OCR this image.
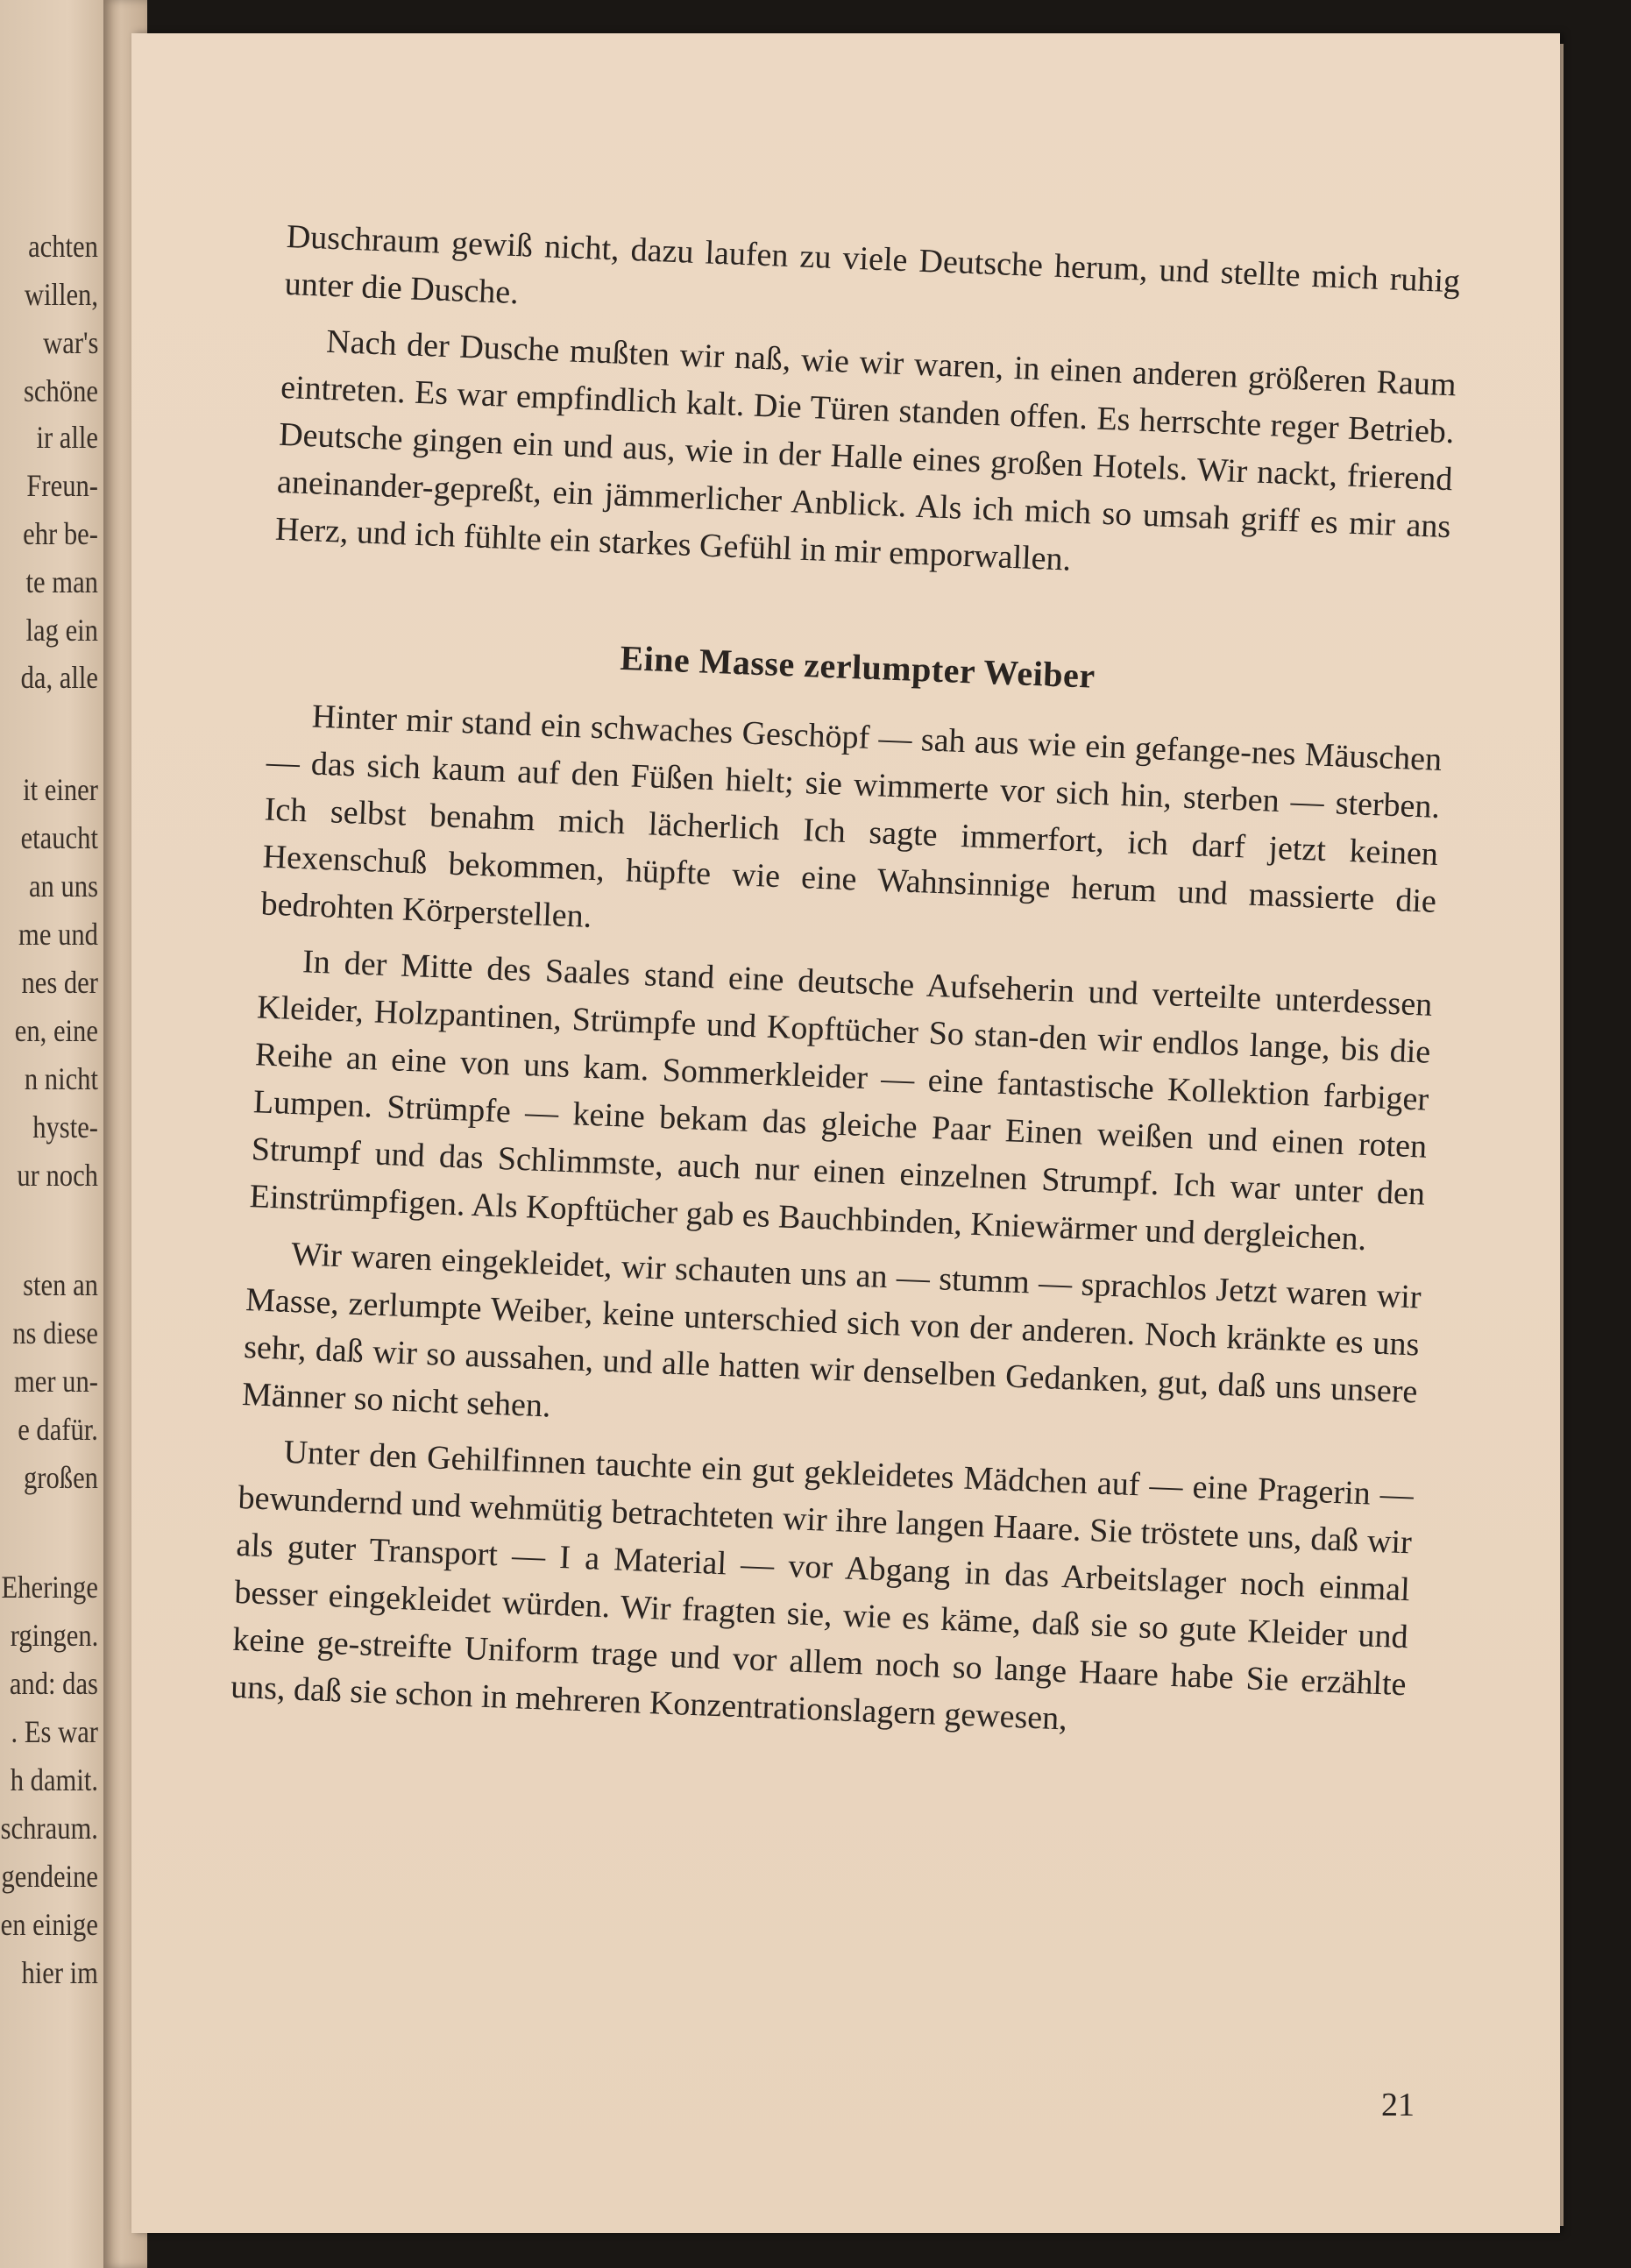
achten
willen,
war's
schöne
ir alle
Freun-
ehr be-
te man
lag ein
da, alle
it einer
etaucht
an uns
me und
nes der
en, eine
n nicht
hyste-
ur noch
sten an
ns diese
mer un-
e dafür.
großen
Eheringe
rgingen.
and: das
. Es war
h damit.
schraum.
gendeine
en einige
hier im

Duschraum gewiß nicht, dazu laufen zu viele Deutsche herum, und stellte mich ruhig unter die Dusche.

Nach der Dusche mußten wir naß, wie wir waren, in einen anderen größeren Raum eintreten. Es war empfindlich kalt. Die Türen standen offen. Es herrschte reger Betrieb. Deutsche gingen ein und aus, wie in der Halle eines großen Hotels. Wir nackt, frierend aneinander-gepreßt, ein jämmerlicher Anblick. Als ich mich so umsah griff es mir ans Herz, und ich fühlte ein starkes Gefühl in mir emporwallen.

Eine Masse zerlumpter Weiber

Hinter mir stand ein schwaches Geschöpf — sah aus wie ein gefange-nes Mäuschen — das sich kaum auf den Füßen hielt; sie wimmerte vor sich hin, sterben — sterben. Ich selbst benahm mich lächerlich Ich sagte immerfort, ich darf jetzt keinen Hexenschuß bekommen, hüpfte wie eine Wahnsinnige herum und massierte die bedrohten Körperstellen.

In der Mitte des Saales stand eine deutsche Aufseherin und verteilte unterdessen Kleider, Holzpantinen, Strümpfe und Kopftücher So stan-den wir endlos lange, bis die Reihe an eine von uns kam. Sommerkleider — eine fantastische Kollektion farbiger Lumpen. Strümpfe — keine bekam das gleiche Paar Einen weißen und einen roten Strumpf und das Schlimmste, auch nur einen einzelnen Strumpf. Ich war unter den Einstrümpfigen. Als Kopftücher gab es Bauchbinden, Kniewärmer und dergleichen.

Wir waren eingekleidet, wir schauten uns an — stumm — sprachlos Jetzt waren wir Masse, zerlumpte Weiber, keine unterschied sich von der anderen. Noch kränkte es uns sehr, daß wir so aussahen, und alle hatten wir denselben Gedanken, gut, daß uns unsere Männer so nicht sehen.

Unter den Gehilfinnen tauchte ein gut gekleidetes Mädchen auf — eine Pragerin — bewundernd und wehmütig betrachteten wir ihre langen Haare. Sie tröstete uns, daß wir als guter Transport — I a Material — vor Abgang in das Arbeitslager noch einmal besser eingekleidet würden. Wir fragten sie, wie es käme, daß sie so gute Kleider und keine ge-streifte Uniform trage und vor allem noch so lange Haare habe Sie erzählte uns, daß sie schon in mehreren Konzentrationslagern gewesen,

21
